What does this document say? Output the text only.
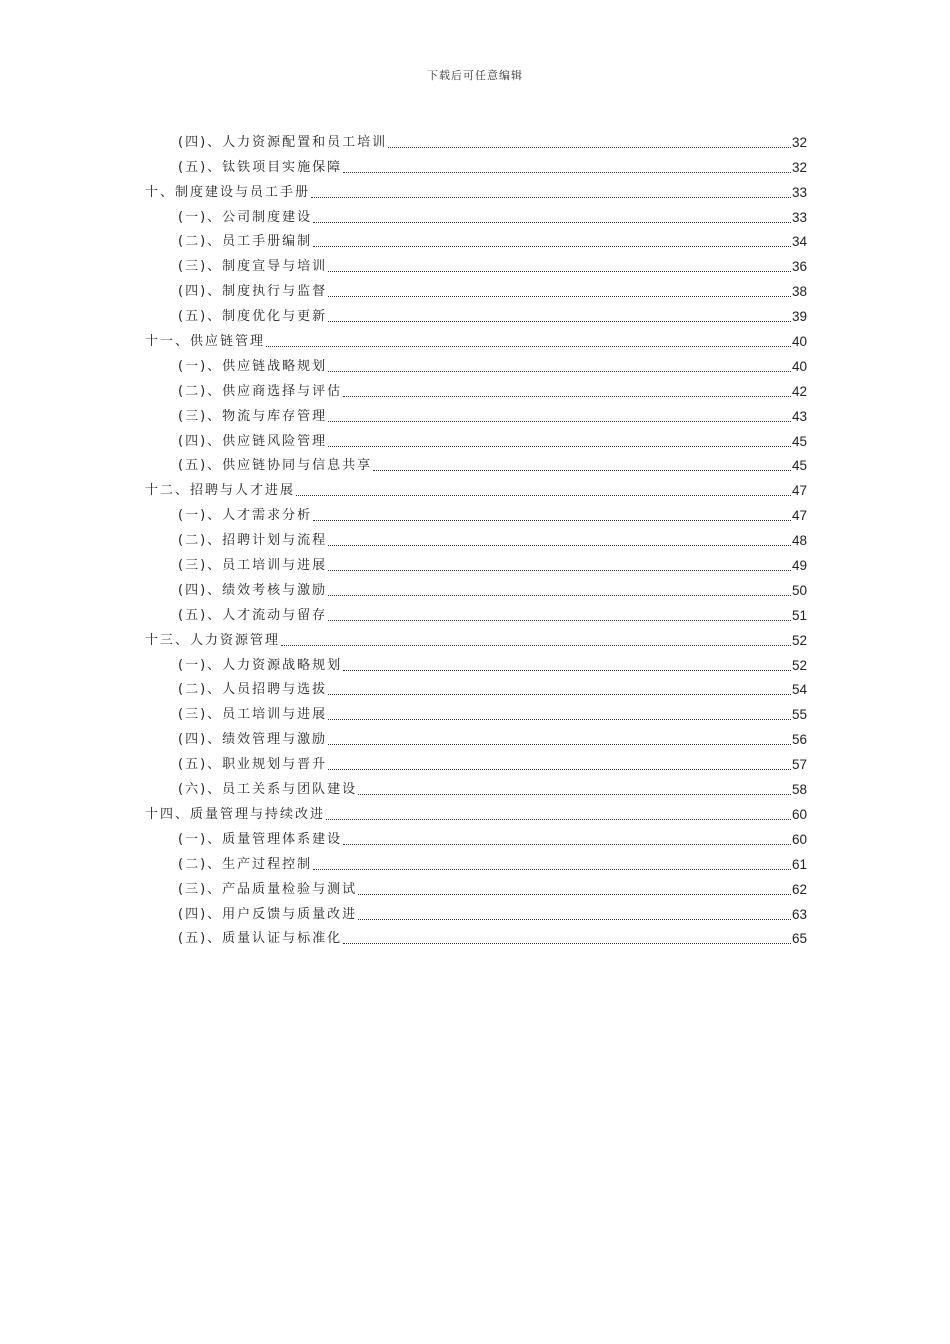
下载后可任意编辑
(四)、人力资源配置和员工培训	32
(五)、钛铁项目实施保障	32
十、制度建设与员工手册	33
(一)、公司制度建设	33
(二)、员工手册编制	34
(三)、制度宣导与培训	36
(四)、制度执行与监督	38
(五)、制度优化与更新	39
十一、供应链管理	40
(一)、供应链战略规划	40
(二)、供应商选择与评估	42
(三)、物流与库存管理	43
(四)、供应链风险管理	45
(五)、供应链协同与信息共享	45
十二、招聘与人才进展	47
(一)、人才需求分析	47
(二)、招聘计划与流程	48
(三)、员工培训与进展	49
(四)、绩效考核与激励	50
(五)、人才流动与留存	51
十三、人力资源管理	52
(一)、人力资源战略规划	52
(二)、人员招聘与选拔	54
(三)、员工培训与进展	55
(四)、绩效管理与激励	56
(五)、职业规划与晋升	57
(六)、员工关系与团队建设	58
十四、质量管理与持续改进	60
(一)、质量管理体系建设	60
(二)、生产过程控制	61
(三)、产品质量检验与测试	62
(四)、用户反馈与质量改进	63
(五)、质量认证与标准化	65
